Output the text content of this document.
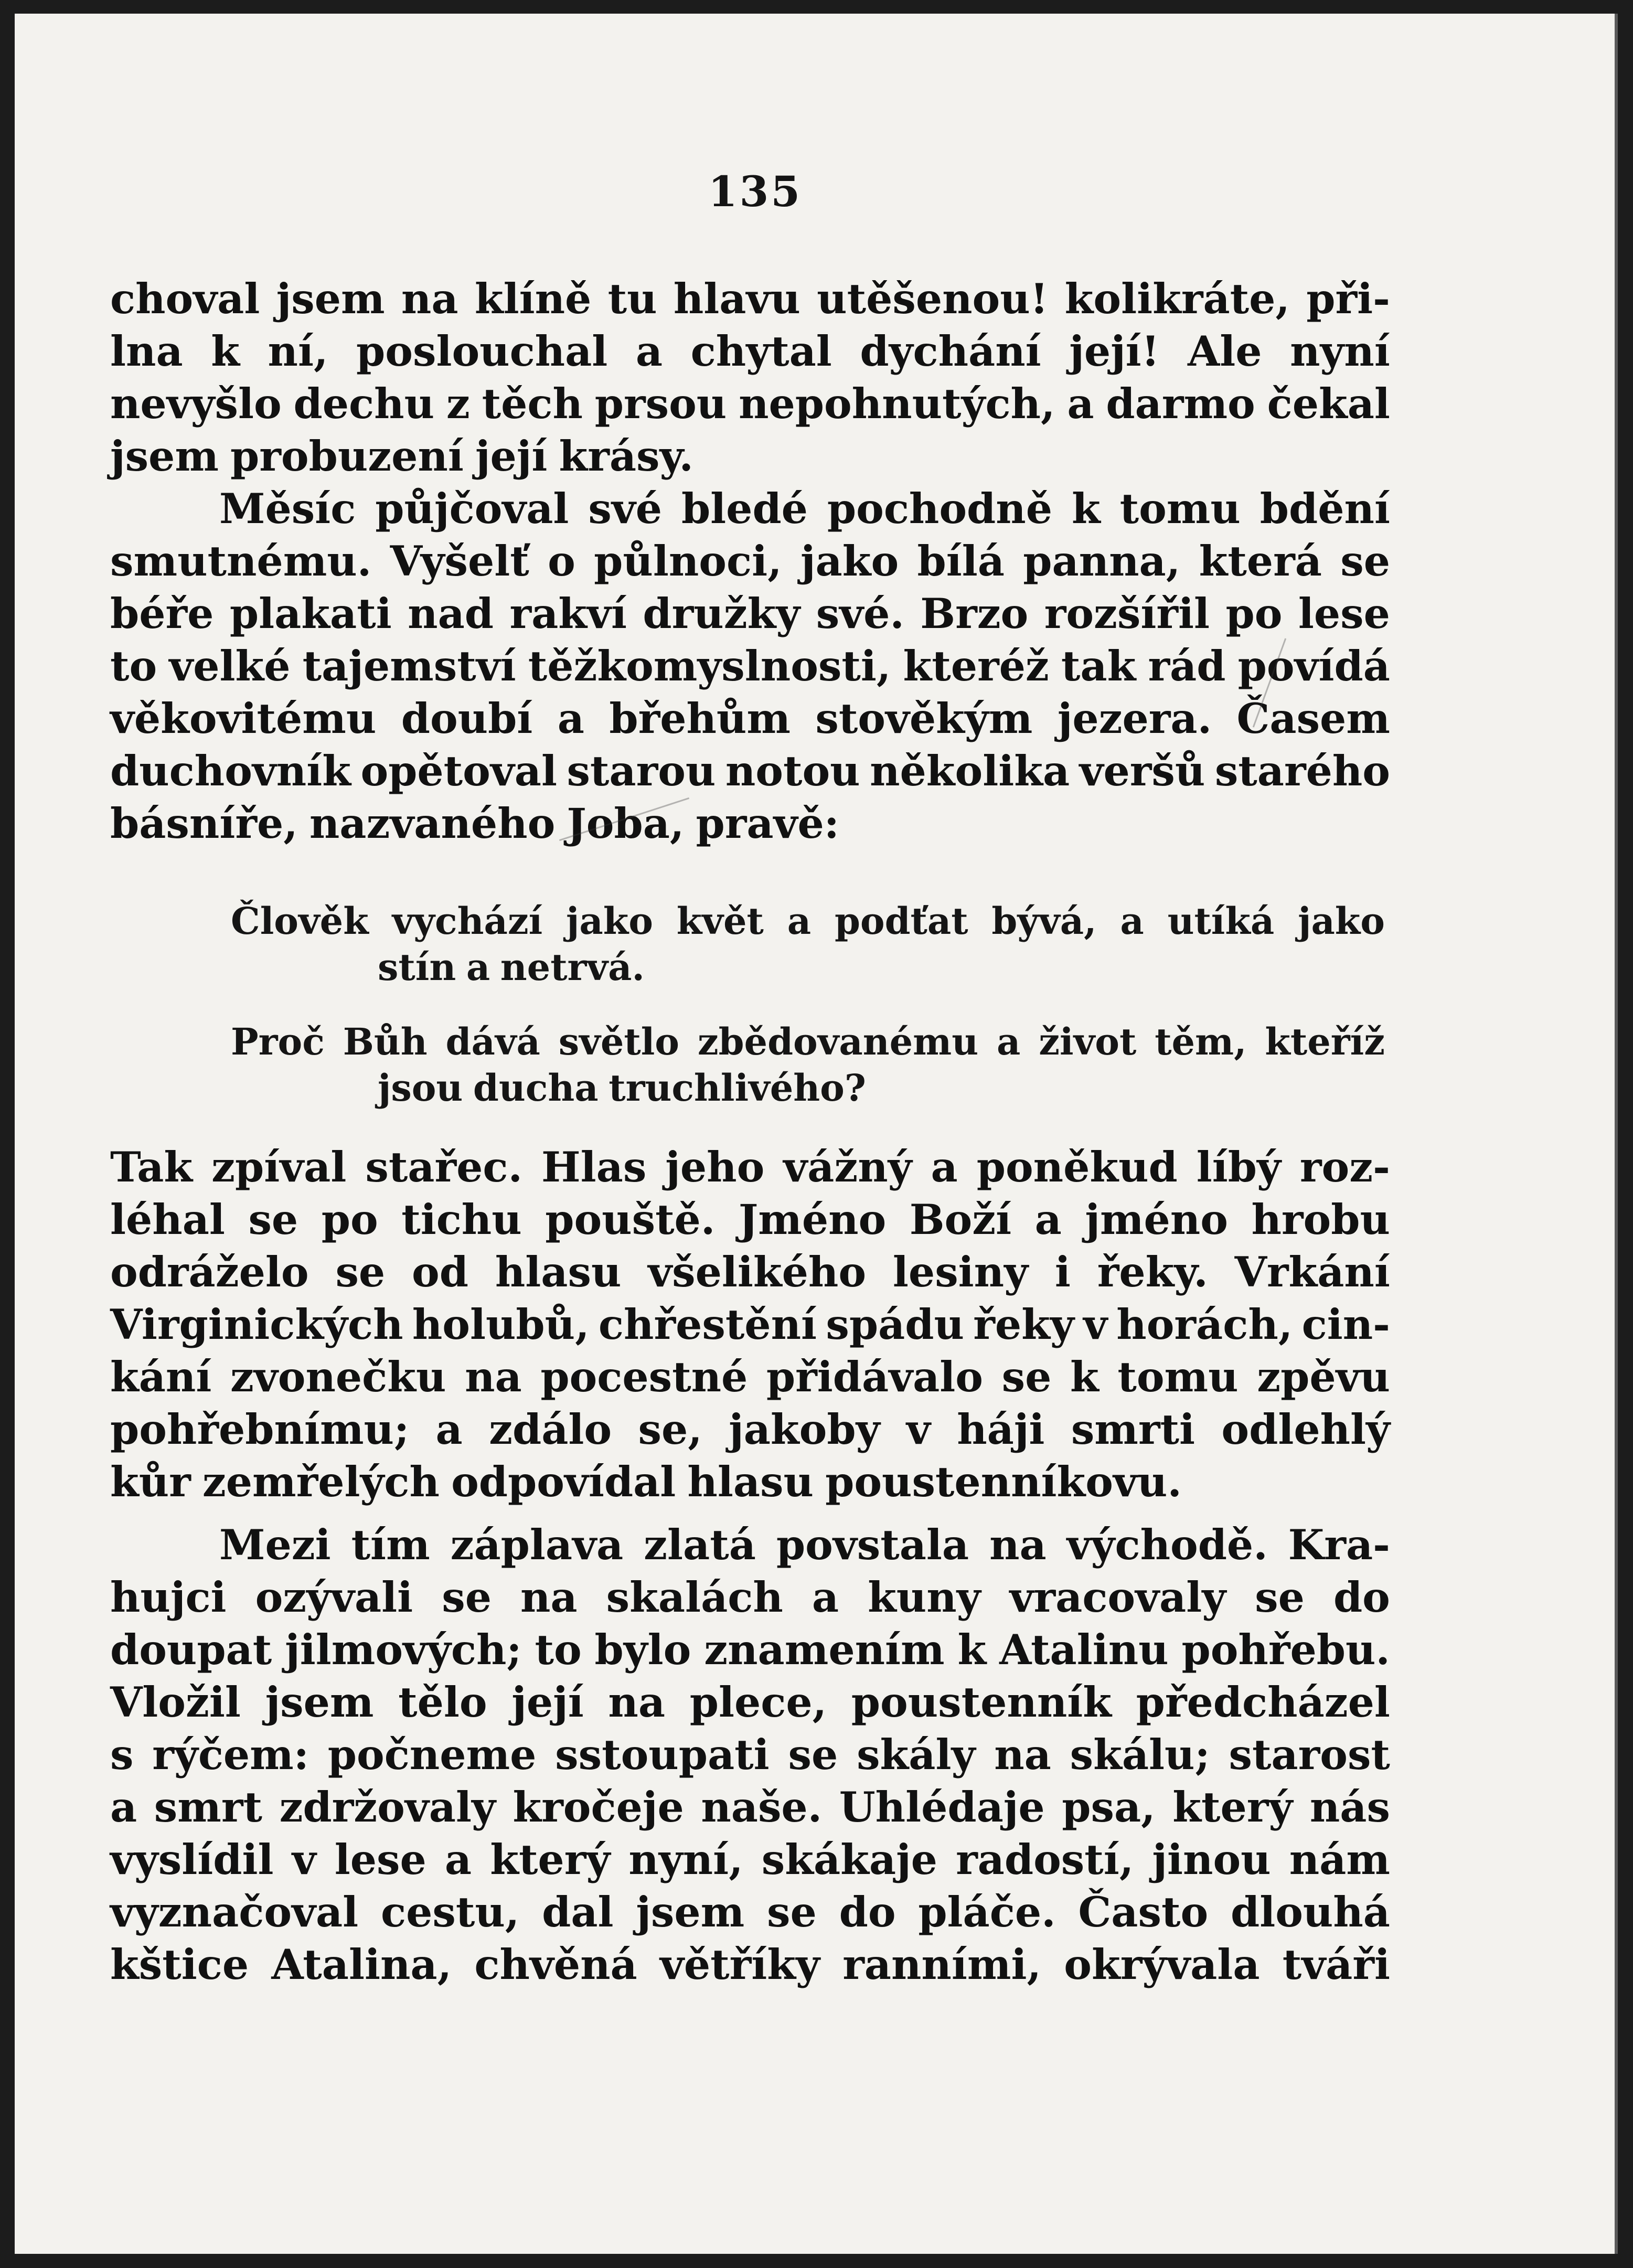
135
choval jsem na klíně tu hlavu utěšenou! kolikráte, při-
lna k ní, poslouchal a chytal dychání její! Ale nyní
nevyšlo dechu z těch prsou nepohnutých, a darmo čekal
jsem probuzení její krásy.
Měsíc půjčoval své bledé pochodně k tomu bdění
smutnému. Vyšelť o půlnoci, jako bílá panna, která se
béře plakati nad rakví družky své. Brzo rozšířil po lese
to velké tajemství těžkomyslnosti, kteréž tak rád povídá
věkovitému doubí a břehům stověkým jezera. Časem
duchovník opětoval starou notou několika veršů starého
básníře, nazvaného Joba, pravě:
Člověk vychází jako květ a podťat bývá, a utíká jako
stín a netrvá.
Proč Bůh dává světlo zbědovanému a život těm, kteříž
jsou ducha truchlivého?
Tak zpíval stařec. Hlas jeho vážný a poněkud líbý roz-
léhal se po tichu pouště. Jméno Boží a jméno hrobu
odráželo se od hlasu všelikého lesiny i řeky. Vrkání
Virginických holubů, chřestění spádu řeky v horách, cin-
kání zvonečku na pocestné přidávalo se k tomu zpěvu
pohřebnímu; a zdálo se, jakoby v háji smrti odlehlý
kůr zemřelých odpovídal hlasu poustenníkovu.
Mezi tím záplava zlatá povstala na východě. Kra-
hujci ozývali se na skalách a kuny vracovaly se do
doupat jilmových; to bylo znamením k Atalinu pohřebu.
Vložil jsem tělo její na plece, poustenník předcházel
s rýčem: počneme sstoupati se skály na skálu; starost
a smrt zdržovaly kročeje naše. Uhlédaje psa, který nás
vyslídil v lese a který nyní, skákaje radostí, jinou nám
vyznačoval cestu, dal jsem se do pláče. Často dlouhá
kštice Atalina, chvěná větříky ranními, okrývala tváři
